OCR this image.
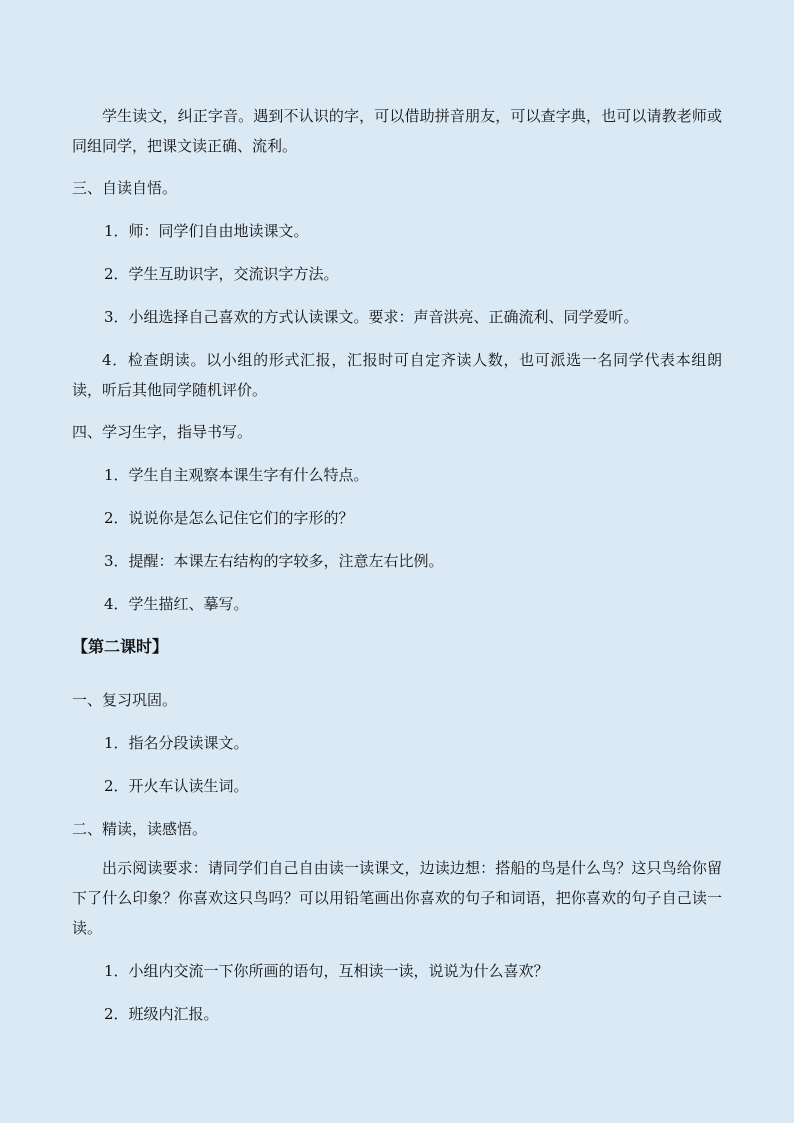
学生读文，纠正字音。遇到不认识的字，可以借助拼音朋友，可以查字典，也可以请教老师或同组同学，把课文读正确、流利。
三、自读自悟。
1．师：同学们自由地读课文。
2．学生互助识字，交流识字方法。
3．小组选择自己喜欢的方式认读课文。要求：声音洪亮、正确流利、同学爱听。
4．检查朗读。以小组的形式汇报，汇报时可自定齐读人数，也可派选一名同学代表本组朗读，听后其他同学随机评价。
四、学习生字，指导书写。
1．学生自主观察本课生字有什么特点。
2．说说你是怎么记住它们的字形的？
3．提醒：本课左右结构的字较多，注意左右比例。
4．学生描红、摹写。
【第二课时】
一、复习巩固。
1．指名分段读课文。
2．开火车认读生词。
二、精读，读感悟。
出示阅读要求：请同学们自己自由读一读课文，边读边想：搭船的鸟是什么鸟？这只鸟给你留下了什么印象？你喜欢这只鸟吗？可以用铅笔画出你喜欢的句子和词语，把你喜欢的句子自己读一读。
1．小组内交流一下你所画的语句，互相读一读，说说为什么喜欢？
2．班级内汇报。
